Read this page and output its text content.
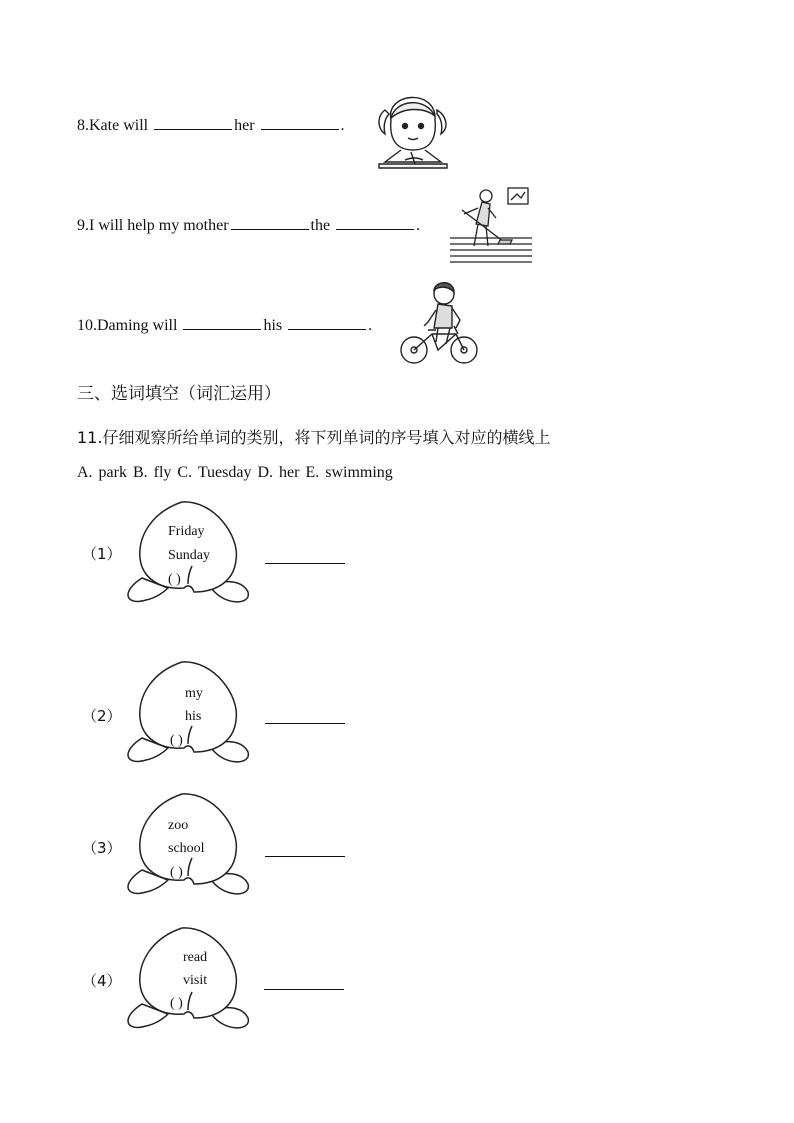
8.Kate will	her	.
9.I will help my mother	the	.
10.Daming will	his	.
三、选词填空（词汇运用）
11.仔细观察所给单词的类别，将下列单词的序号填入对应的横线上
A. park B. fly C. Tuesday D. her E. swimming
（1）
Friday
Sunday
( )
（2）
my
his
( )
（3）
zoo
school
( )
（4）
read
visit
( )
